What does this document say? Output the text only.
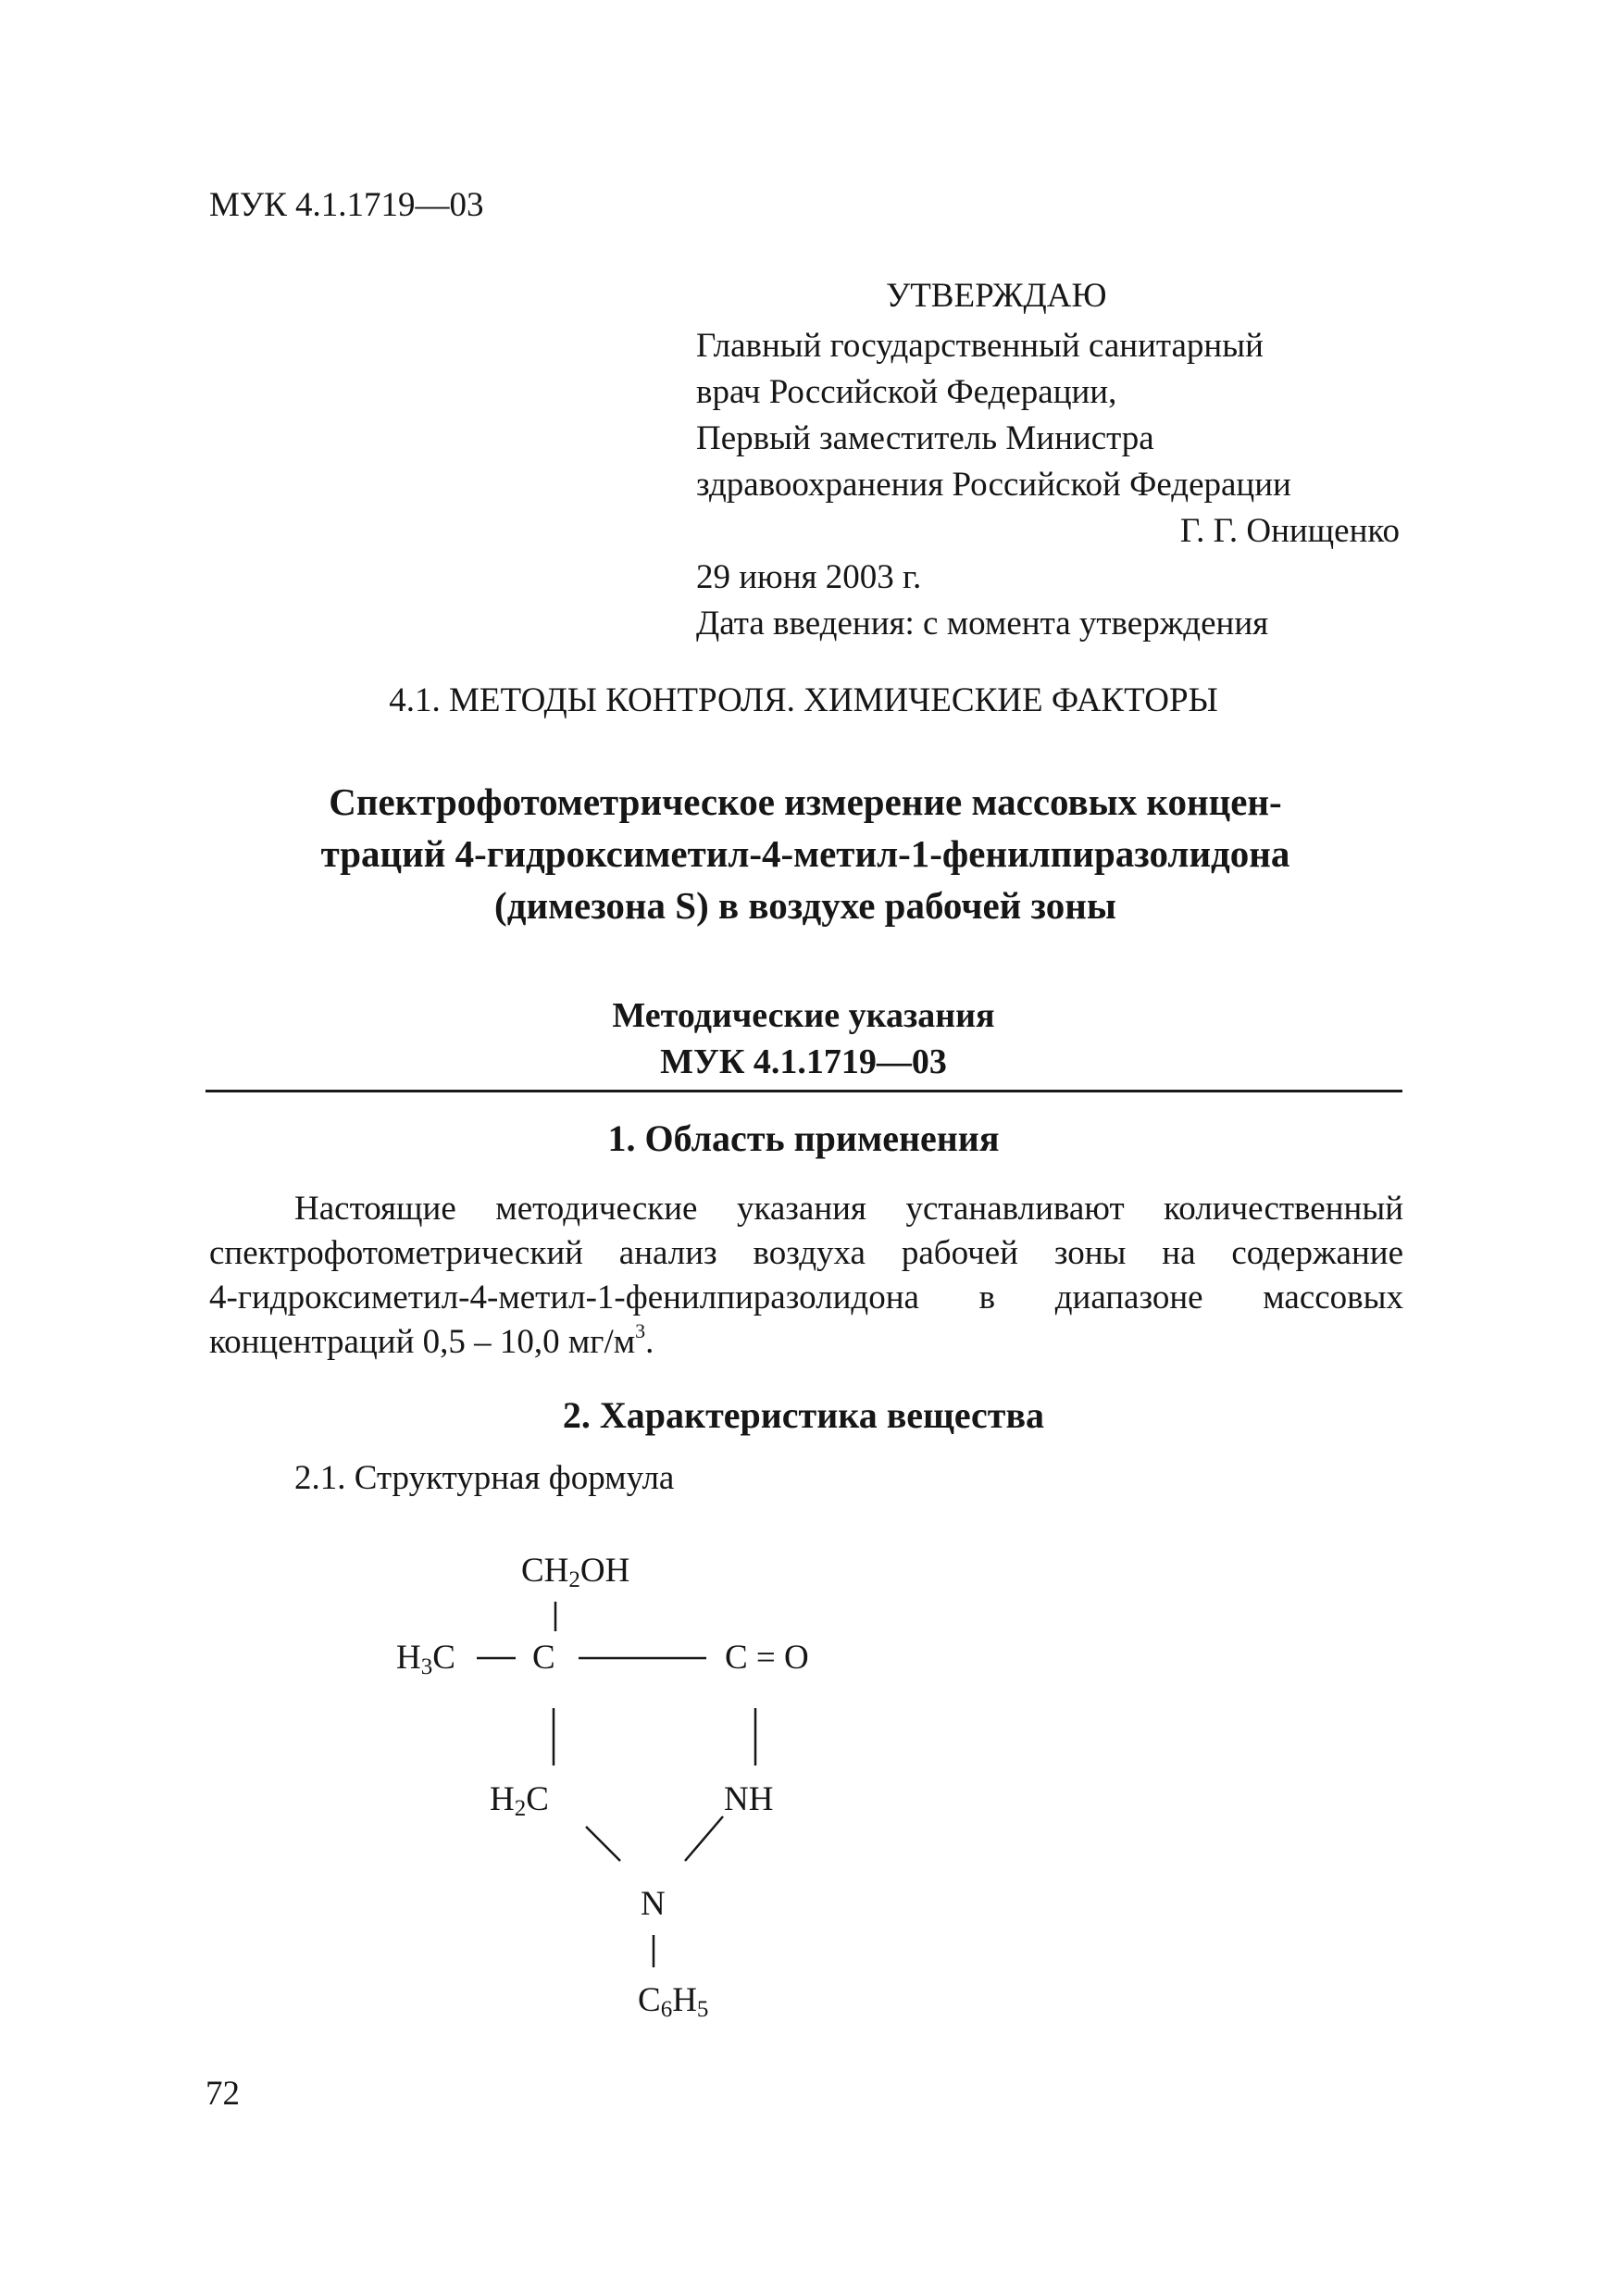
МУК 4.1.1719—03
УТВЕРЖДАЮ
Главный государственный санитарный
врач Российской Федерации,
Первый заместитель Министра
здравоохранения Российской Федерации
Г. Г. Онищенко
29 июня 2003 г.
Дата введения: с момента утверждения
4.1. МЕТОДЫ КОНТРОЛЯ. ХИМИЧЕСКИЕ ФАКТОРЫ
Спектрофотометрическое измерение массовых концен-
траций 4-гидроксиметил-4-метил-1-фенилпиразолидона
(димезона S) в воздухе рабочей зоны
Методические указания
МУК 4.1.1719—03
1. Область применения
Настоящие методические указания устанавливают количественный
спектрофотометрический анализ воздуха рабочей зоны на содержание
4-гидроксиметил-4-метил-1-фенилпиразолидона в диапазоне массовых
концентраций 0,5 – 10,0 $мг/м^3$.
2. Характеристика вещества
2.1. Структурная формула
CH2OH
H3C C	C = O
H2C	NH
N
C6H5
72
